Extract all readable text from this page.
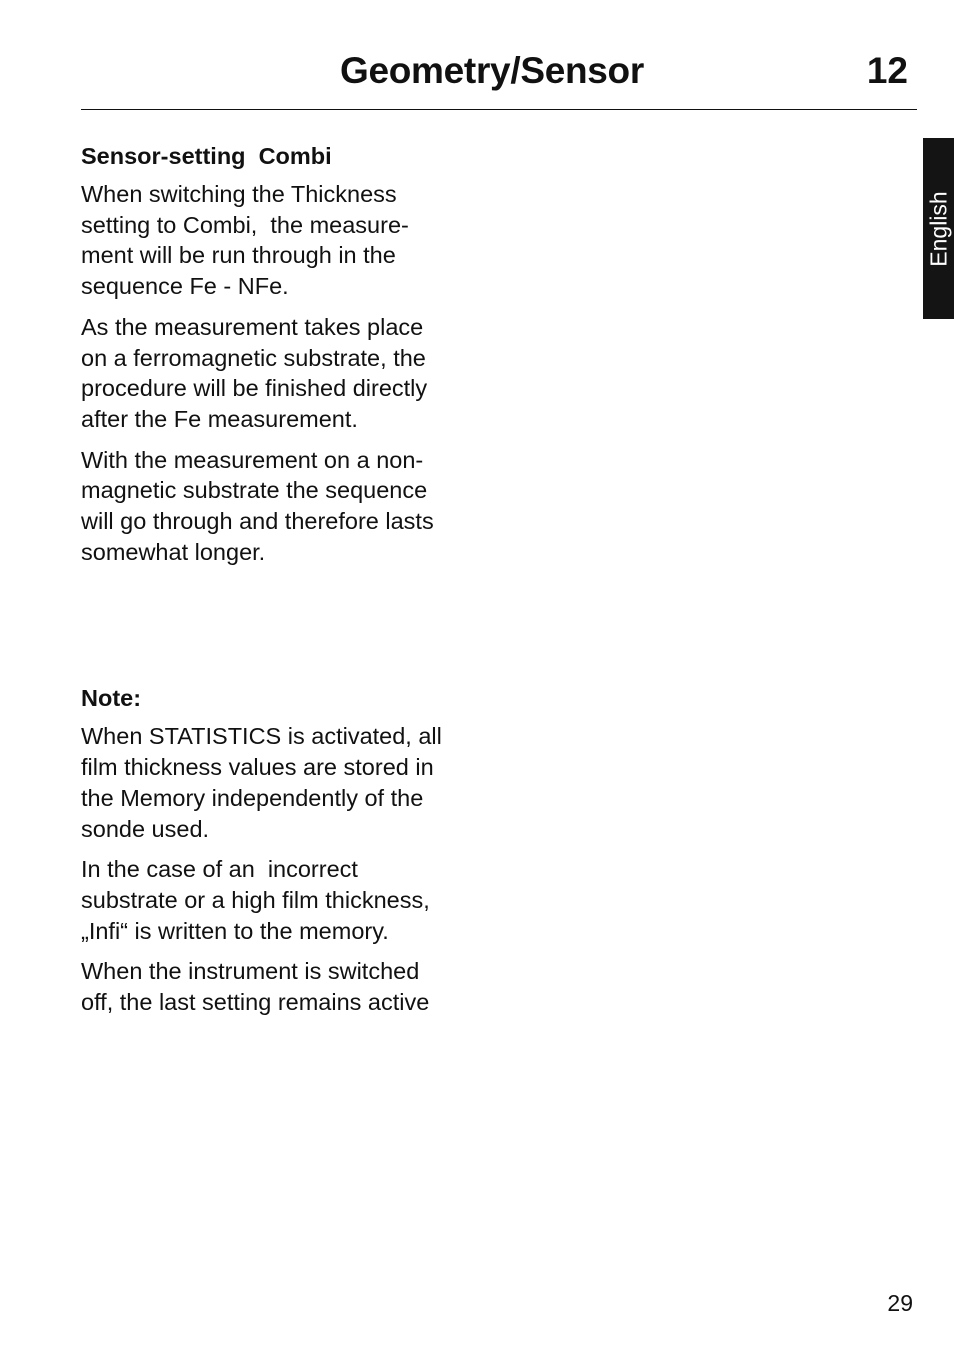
Geometry/Sensor	12
English
Sensor-setting  Combi
When switching the Thickness
setting to Combi,  the measure-
ment will be run through in the
sequence Fe - NFe.
As the measurement takes place
on a ferromagnetic substrate, the
procedure will be finished directly
after the Fe measurement.
With the measurement on a non-
magnetic substrate the sequence
will go through and therefore lasts
somewhat longer.
Note:
When STATISTICS is activated, all
film thickness values are stored in
the Memory independently of the
sonde used.
In the case of an  incorrect
substrate or a high film thickness,
„Infi“ is written to the memory.
When the instrument is switched
off, the last setting remains active
29
